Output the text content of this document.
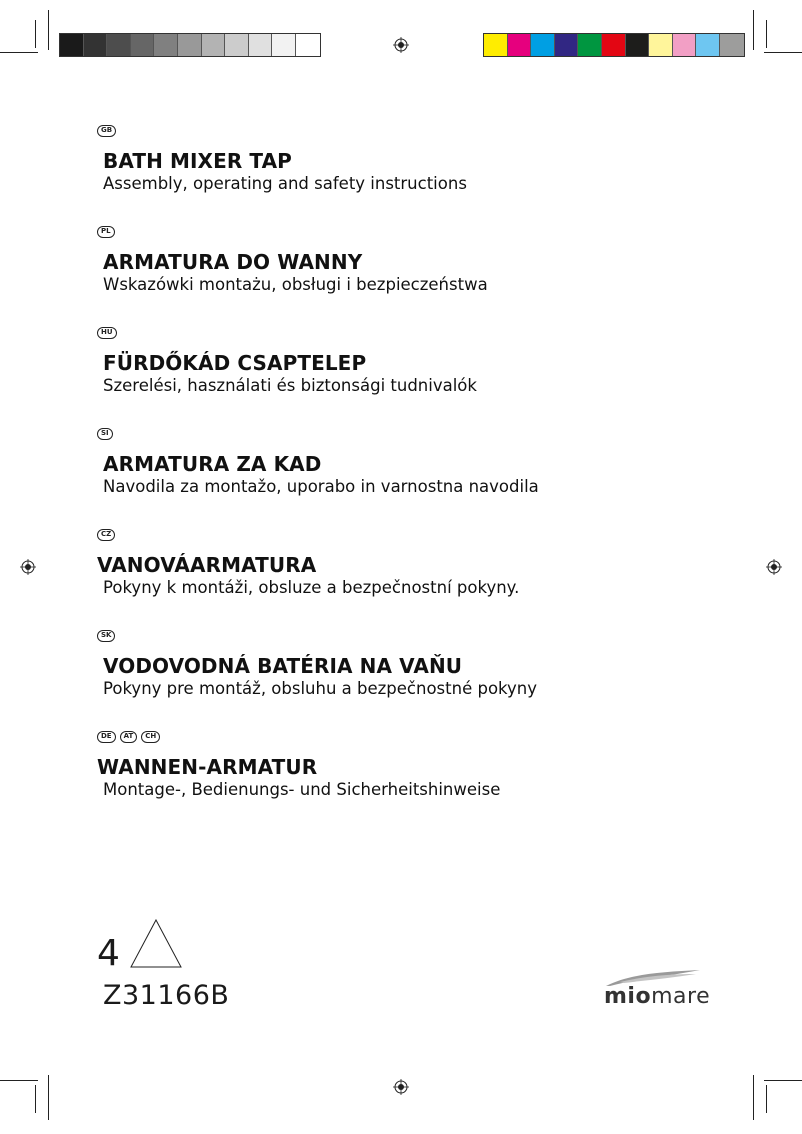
GB
BATH MIXER TAP
Assembly, operating and safety instructions
PL
ARMATURA DO WANNY
Wskazówki montażu, obsługi i bezpieczeństwa
HU
FÜRDŐKÁD CSAPTELEP
Szerelési, használati és biztonsági tudnivalók
SI
ARMATURA ZA KAD
Navodila za montažo, uporabo in varnostna navodila
CZ
VANOVÁARMATURA
Pokyny k montáži, obsluze a bezpečnostní pokyny.
SK
VODOVODNÁ BATÉRIA NA VAŇU
Pokyny pre montáž, obsluhu a bezpečnostné pokyny
DE	AT	CH
WANNEN-ARMATUR
Montage-, Bedienungs- und Sicherheitshinweise
4
Z31166B	miomare
